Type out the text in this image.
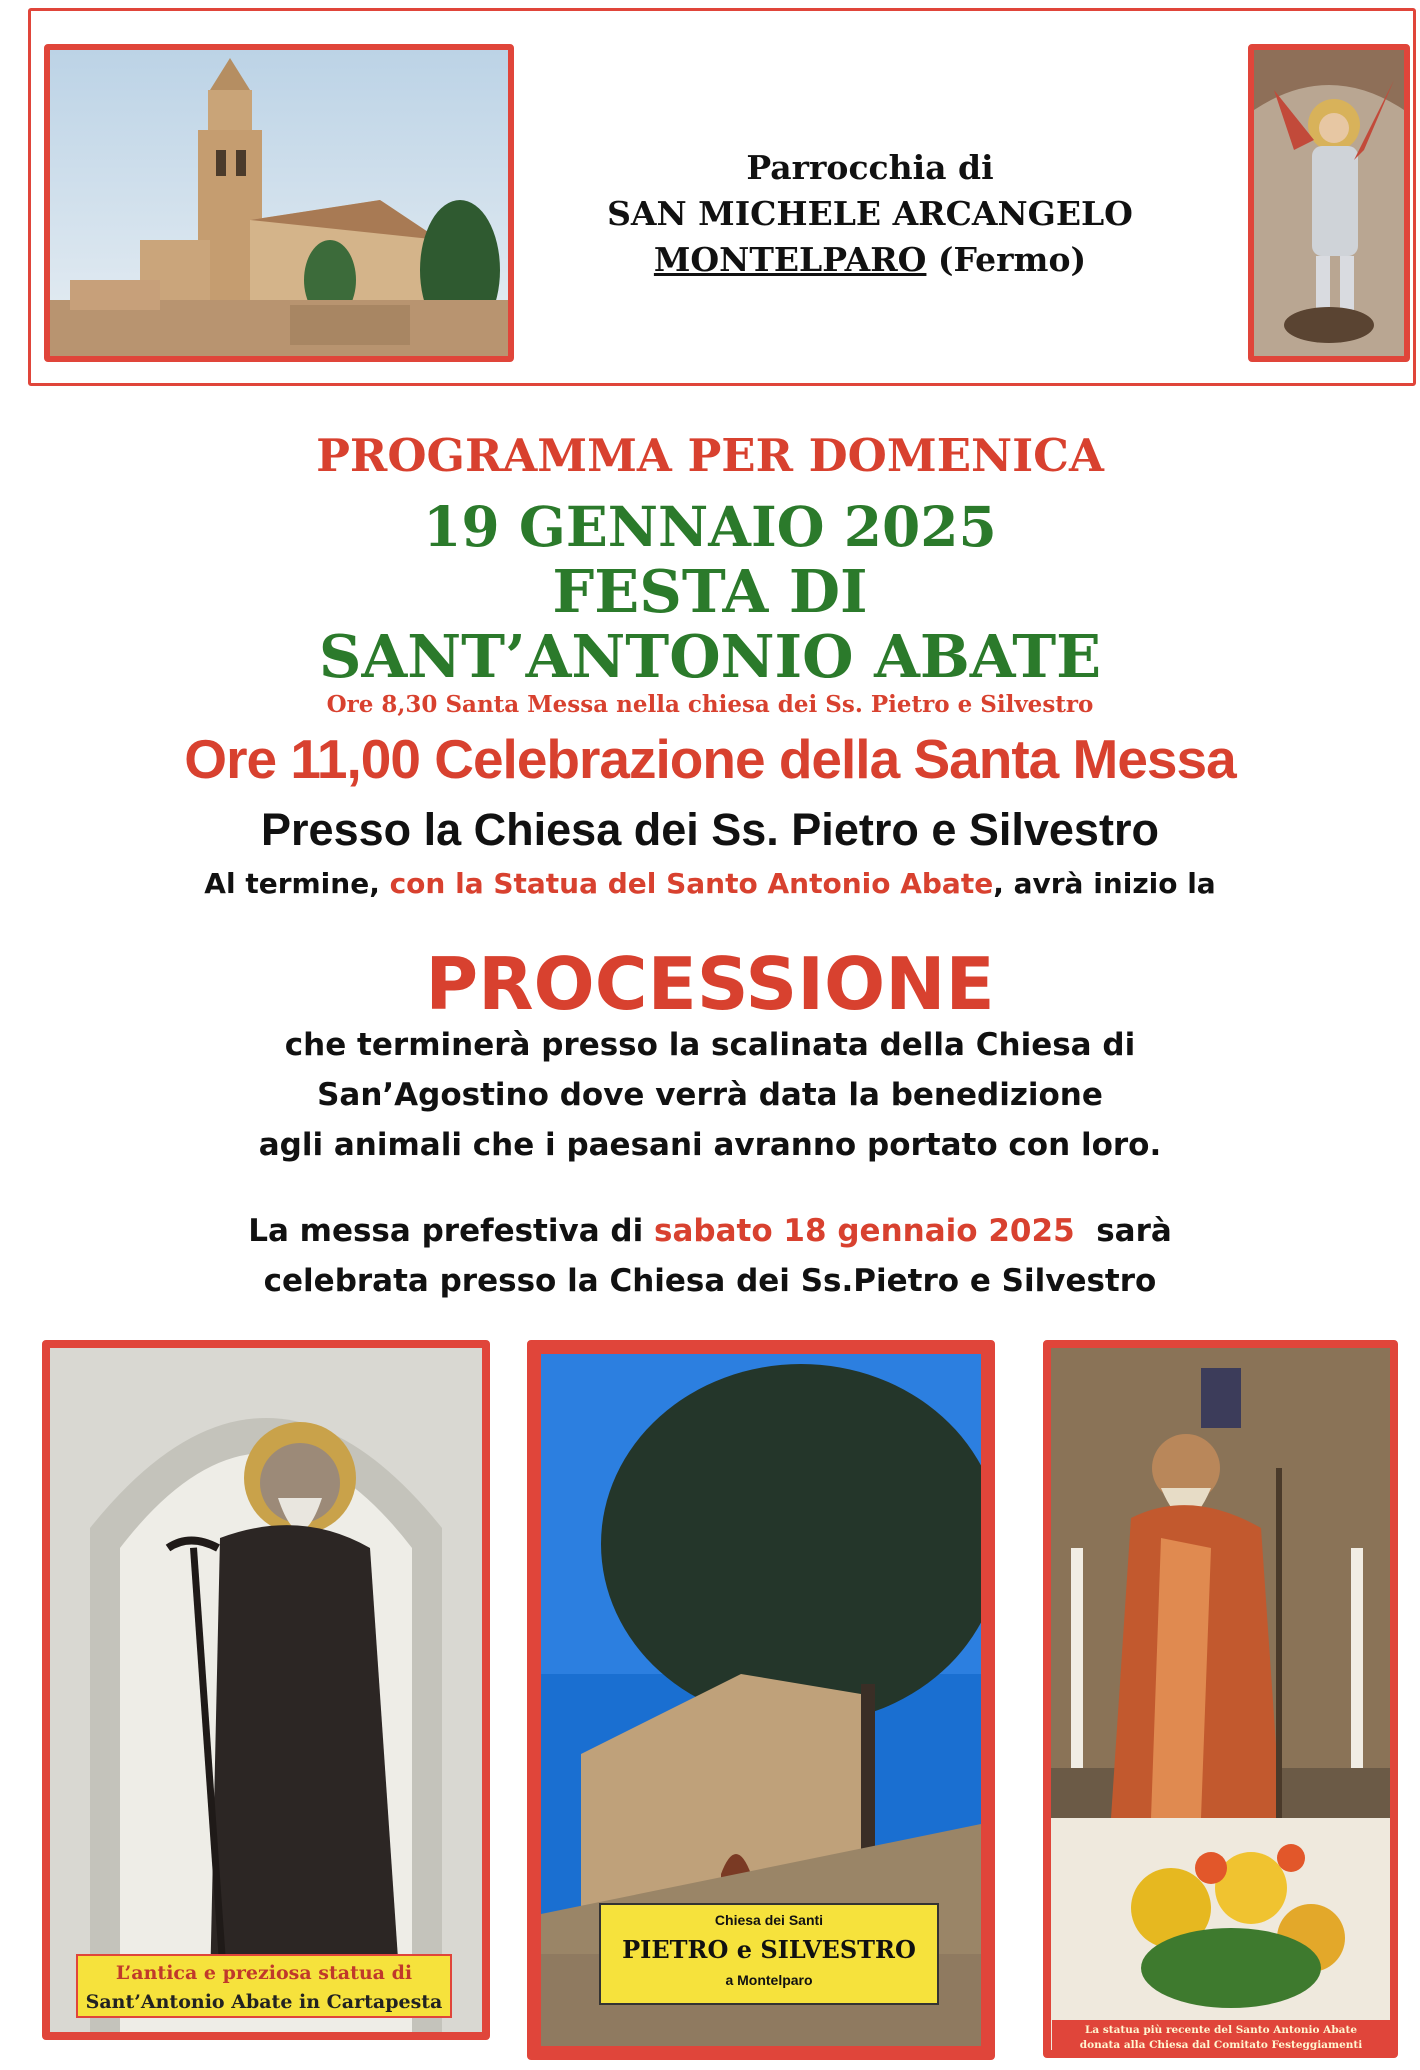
Parrocchia di
SAN MICHELE ARCANGELO
MONTELPARO (Fermo)
PROGRAMMA PER DOMENICA
19 GENNAIO 2025
FESTA DI
SANT’ANTONIO ABATE
Ore 8,30 Santa Messa nella chiesa dei Ss. Pietro e Silvestro
Ore 11,00 Celebrazione della Santa Messa
Presso la Chiesa dei Ss. Pietro e Silvestro
Al termine, con la Statua del Santo Antonio Abate, avrà inizio la
PROCESSIONE
che terminerà presso la scalinata della Chiesa di
San’Agostino dove verrà data la benedizione
agli animali che i paesani avranno portato con loro.
La messa prefestiva di sabato 18 gennaio 2025  sarà
celebrata presso la Chiesa dei Ss.Pietro e Silvestro
L’antica e preziosa statua di
Sant’Antonio Abate in Cartapesta
Chiesa dei Santi
PIETRO e SILVESTRO
a Montelparo
La statua più recente del Santo Antonio Abate
donata alla Chiesa dal Comitato Festeggiamenti
